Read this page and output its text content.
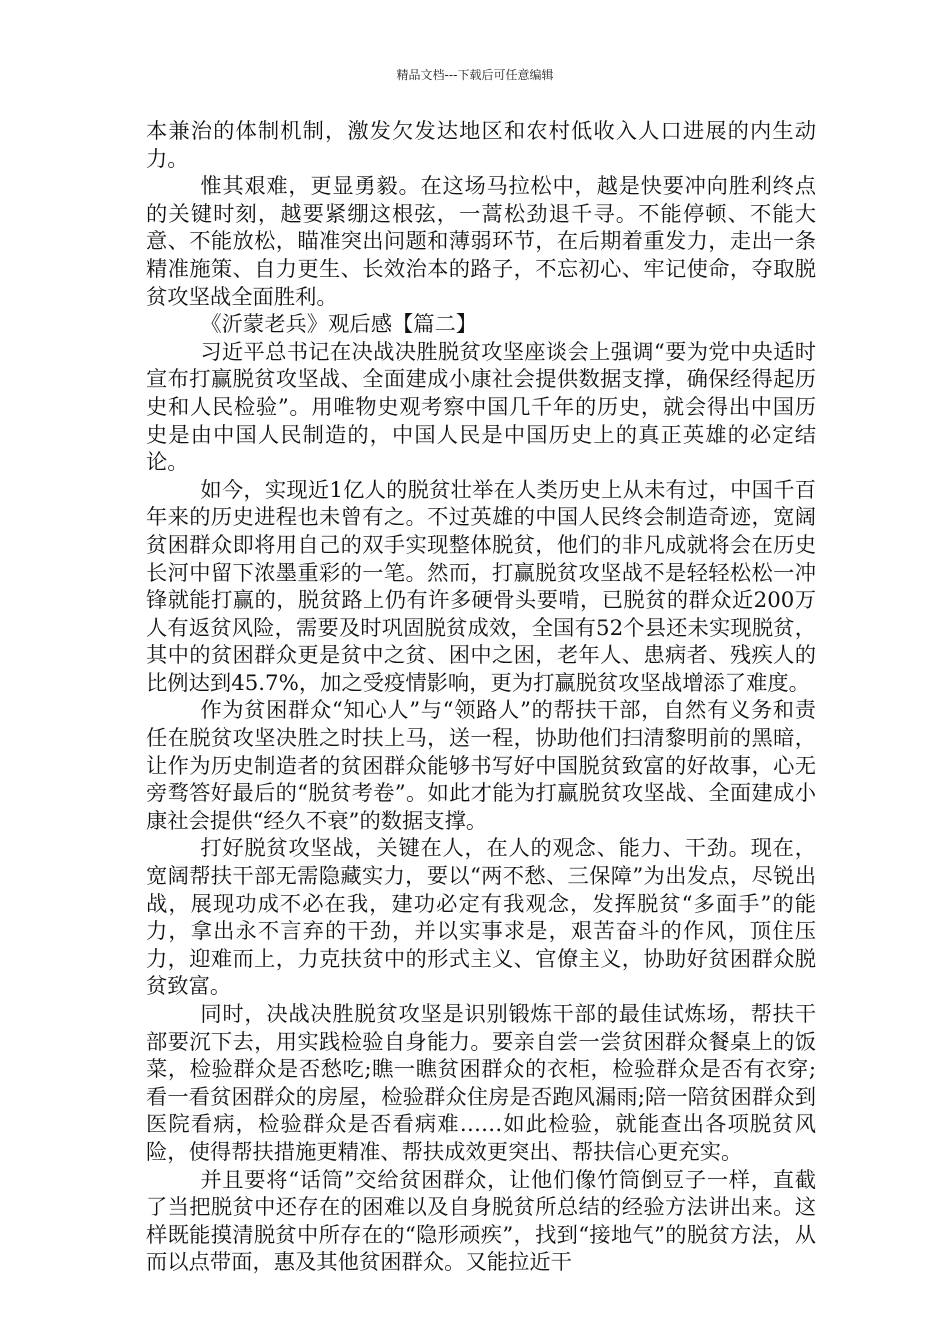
精品文档---下载后可任意编辑

本兼治的体制机制，激发欠发达地区和农村低收入人口进展的内生动力。

惟其艰难，更显勇毅。在这场马拉松中，越是快要冲向胜利终点的关键时刻，越要紧绷这根弦，一蒿松劲退千寻。不能停顿、不能大意、不能放松，瞄准突出问题和薄弱环节，在后期着重发力，走出一条精准施策、自力更生、长效治本的路子，不忘初心、牢记使命，夺取脱贫攻坚战全面胜利。

《沂蒙老兵》观后感【篇二】

习近平总书记在决战决胜脱贫攻坚座谈会上强调“要为党中央适时宣布打赢脱贫攻坚战、全面建成小康社会提供数据支撑，确保经得起历史和人民检验”。用唯物史观考察中国几千年的历史，就会得出中国历史是由中国人民制造的，中国人民是中国历史上的真正英雄的必定结论。

如今，实现近1亿人的脱贫壮举在人类历史上从未有过，中国千百年来的历史进程也未曾有之。不过英雄的中国人民终会制造奇迹，宽阔贫困群众即将用自己的双手实现整体脱贫，他们的非凡成就将会在历史长河中留下浓墨重彩的一笔。然而，打赢脱贫攻坚战不是轻轻松松一冲锋就能打赢的，脱贫路上仍有许多硬骨头要啃，已脱贫的群众近200万人有返贫风险，需要及时巩固脱贫成效，全国有52个县还未实现脱贫，其中的贫困群众更是贫中之贫、困中之困，老年人、患病者、残疾人的比例达到45.7%，加之受疫情影响，更为打赢脱贫攻坚战增添了难度。

作为贫困群众“知心人”与“领路人”的帮扶干部，自然有义务和责任在脱贫攻坚决胜之时扶上马，送一程，协助他们扫清黎明前的黑暗，让作为历史制造者的贫困群众能够书写好中国脱贫致富的好故事，心无旁骛答好最后的“脱贫考卷”。如此才能为打赢脱贫攻坚战、全面建成小康社会提供“经久不衰”的数据支撑。

打好脱贫攻坚战，关键在人，在人的观念、能力、干劲。现在，宽阔帮扶干部无需隐藏实力，要以“两不愁、三保障”为出发点，尽锐出战，展现功成不必在我，建功必定有我观念，发挥脱贫“多面手”的能力，拿出永不言弃的干劲，并以实事求是，艰苦奋斗的作风，顶住压力，迎难而上，力克扶贫中的形式主义、官僚主义，协助好贫困群众脱贫致富。

同时，决战决胜脱贫攻坚是识别锻炼干部的最佳试炼场，帮扶干部要沉下去，用实践检验自身能力。要亲自尝一尝贫困群众餐桌上的饭菜，检验群众是否愁吃;瞧一瞧贫困群众的衣柜，检验群众是否有衣穿;看一看贫困群众的房屋，检验群众住房是否跑风漏雨;陪一陪贫困群众到医院看病，检验群众是否看病难……如此检验，就能查出各项脱贫风险，使得帮扶措施更精准、帮扶成效更突出、帮扶信心更充实。

并且要将“话筒”交给贫困群众，让他们像竹筒倒豆子一样，直截了当把脱贫中还存在的困难以及自身脱贫所总结的经验方法讲出来。这样既能摸清脱贫中所存在的“隐形顽疾”，找到“接地气”的脱贫方法，从而以点带面，惠及其他贫困群众。又能拉近干
